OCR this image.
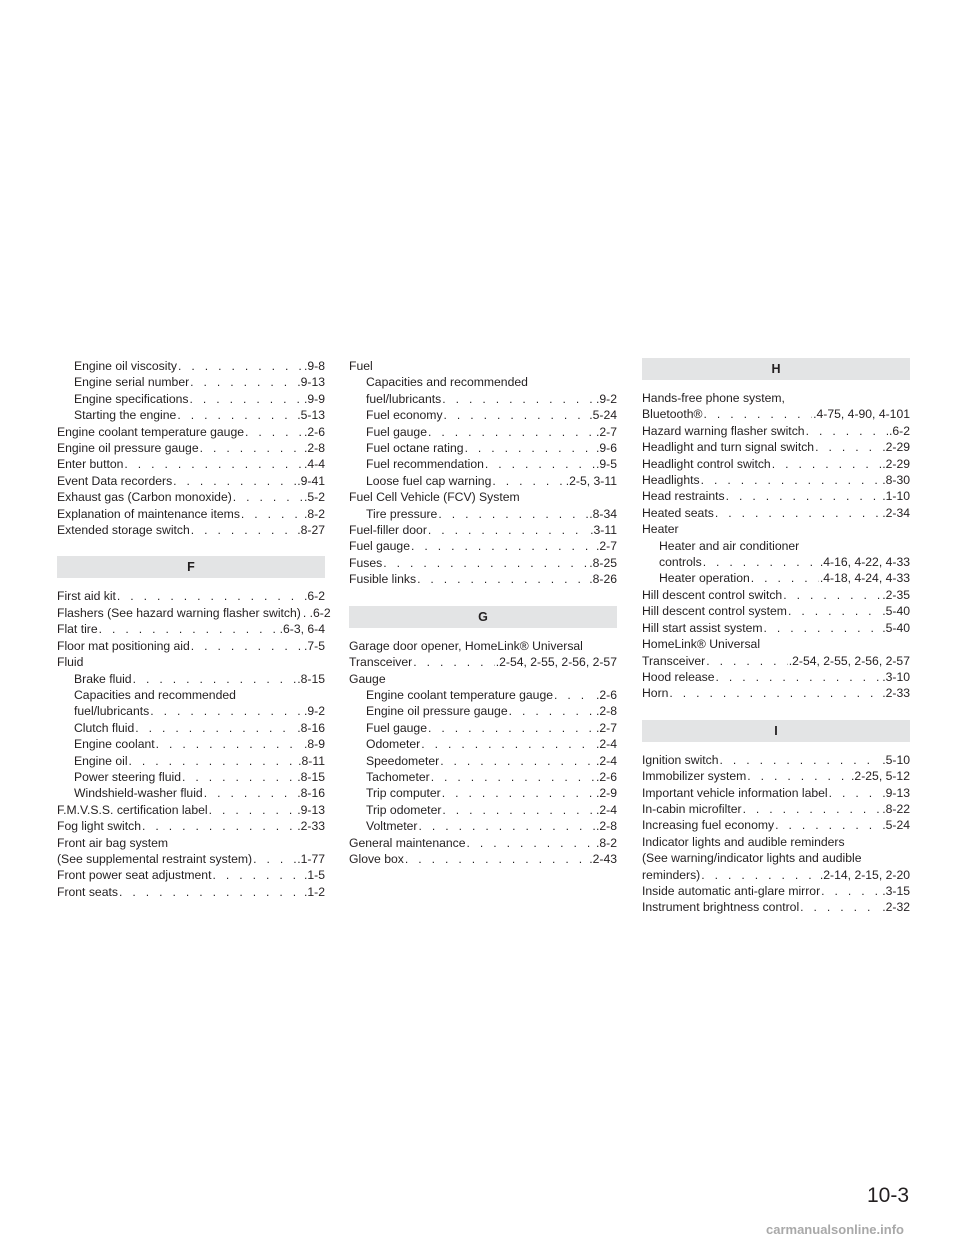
Engine oil viscosity . . .	.9-8
Engine serial number . . .	.9-13
Engine specifications . . .	.9-9
Starting the engine . . .	.5-13
Engine coolant temperature gauge . . .	.2-6
Engine oil pressure gauge . . .	.2-8
Enter button . . .	.4-4
Event Data recorders . . .	.9-41
Exhaust gas (Carbon monoxide) . . .	.5-2
Explanation of maintenance items . . .	.8-2
Extended storage switch . . .	.8-27
F
First aid kit . . .	.6-2
Flashers (See hazard warning flasher switch) . .6-2
Flat tire . . .	.6-3, 6-4
Floor mat positioning aid . . .	.7-5
Fluid
Brake fluid . . .	.8-15
Capacities and recommended
fuel/lubricants . . .	.9-2
Clutch fluid . . .	.8-16
Engine coolant . . .	.8-9
Engine oil . . .	.8-11
Power steering fluid . . .	.8-15
Windshield-washer fluid . . .	.8-16
F.M.V.S.S. certification label . . .	.9-13
Fog light switch . . .	.2-33
Front air bag system
(See supplemental restraint system) . . .	.1-77
Front power seat adjustment . . .	.1-5
Front seats . . .	.1-2
Fuel
Capacities and recommended
fuel/lubricants . . .	.9-2
Fuel economy . . .	.5-24
Fuel gauge . . .	.2-7
Fuel octane rating . . .	.9-6
Fuel recommendation . . .	.9-5
Loose fuel cap warning . . .	.2-5, 3-11
Fuel Cell Vehicle (FCV) System
Tire pressure . . .	.8-34
Fuel-filler door . . .	.3-11
Fuel gauge . . .	.2-7
Fuses . . .	.8-25
Fusible links . . .	.8-26
G
Garage door opener, HomeLink® Universal
Transceiver . . .	.2-54, 2-55, 2-56, 2-57
Gauge
Engine coolant temperature gauge . . .	.2-6
Engine oil pressure gauge . . .	.2-8
Fuel gauge . . .	.2-7
Odometer . . .	.2-4
Speedometer . . .	.2-4
Tachometer . . .	.2-6
Trip computer . . .	.2-9
Trip odometer . . .	.2-4
Voltmeter . . .	.2-8
General maintenance . . .	.8-2
Glove box . . .	.2-43
H
Hands-free phone system,
Bluetooth® . . .	.4-75, 4-90, 4-101
Hazard warning flasher switch . . .	.6-2
Headlight and turn signal switch . . .	.2-29
Headlight control switch . . .	.2-29
Headlights . . .	.8-30
Head restraints . . .	.1-10
Heated seats . . .	.2-34
Heater
Heater and air conditioner
controls . . .	.4-16, 4-22, 4-33
Heater operation . . .	.4-18, 4-24, 4-33
Hill descent control switch . . .	.2-35
Hill descent control system . . .	.5-40
Hill start assist system . . .	.5-40
HomeLink® Universal
Transceiver . . .	.2-54, 2-55, 2-56, 2-57
Hood release . . .	.3-10
Horn . . .	.2-33
I
Ignition switch . . .	.5-10
Immobilizer system . . .	.2-25, 5-12
Important vehicle information label . . .	.9-13
In-cabin microfilter . . .	.8-22
Increasing fuel economy . . .	.5-24
Indicator lights and audible reminders
(See warning/indicator lights and audible
reminders) . . .	.2-14, 2-15, 2-20
Inside automatic anti-glare mirror . . .	.3-15
Instrument brightness control . . .	.2-32
10-3
carmanualsonline.info
